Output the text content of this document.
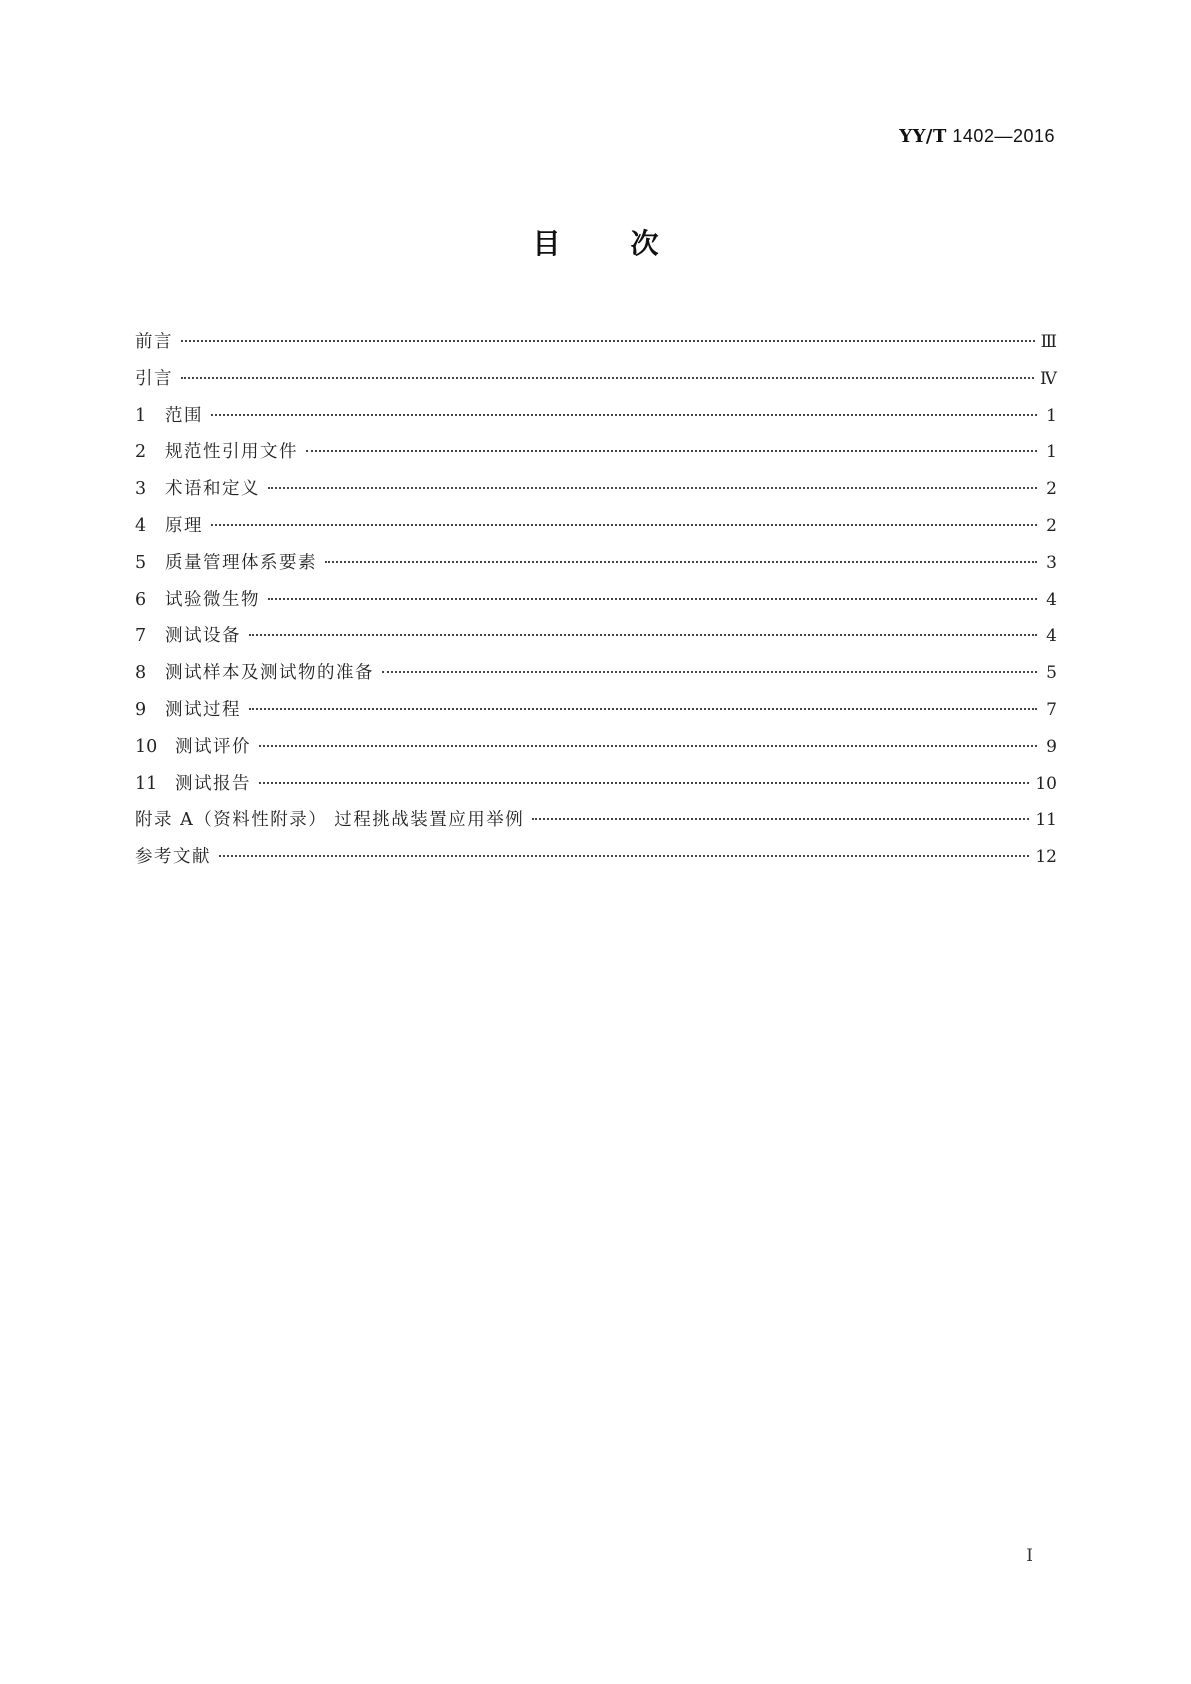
YY/T 1402—2016
目	次
前言	Ⅲ
引言	Ⅳ
1	范围	1
2	规范性引用文件	1
3	术语和定义	2
4	原理	2
5	质量管理体系要素	3
6	试验微生物	4
7	测试设备	4
8	测试样本及测试物的准备	5
9	测试过程	7
10	测试评价	9
11	测试报告	10
附录 A（资料性附录） 过程挑战装置应用举例	11
参考文献	12
I
